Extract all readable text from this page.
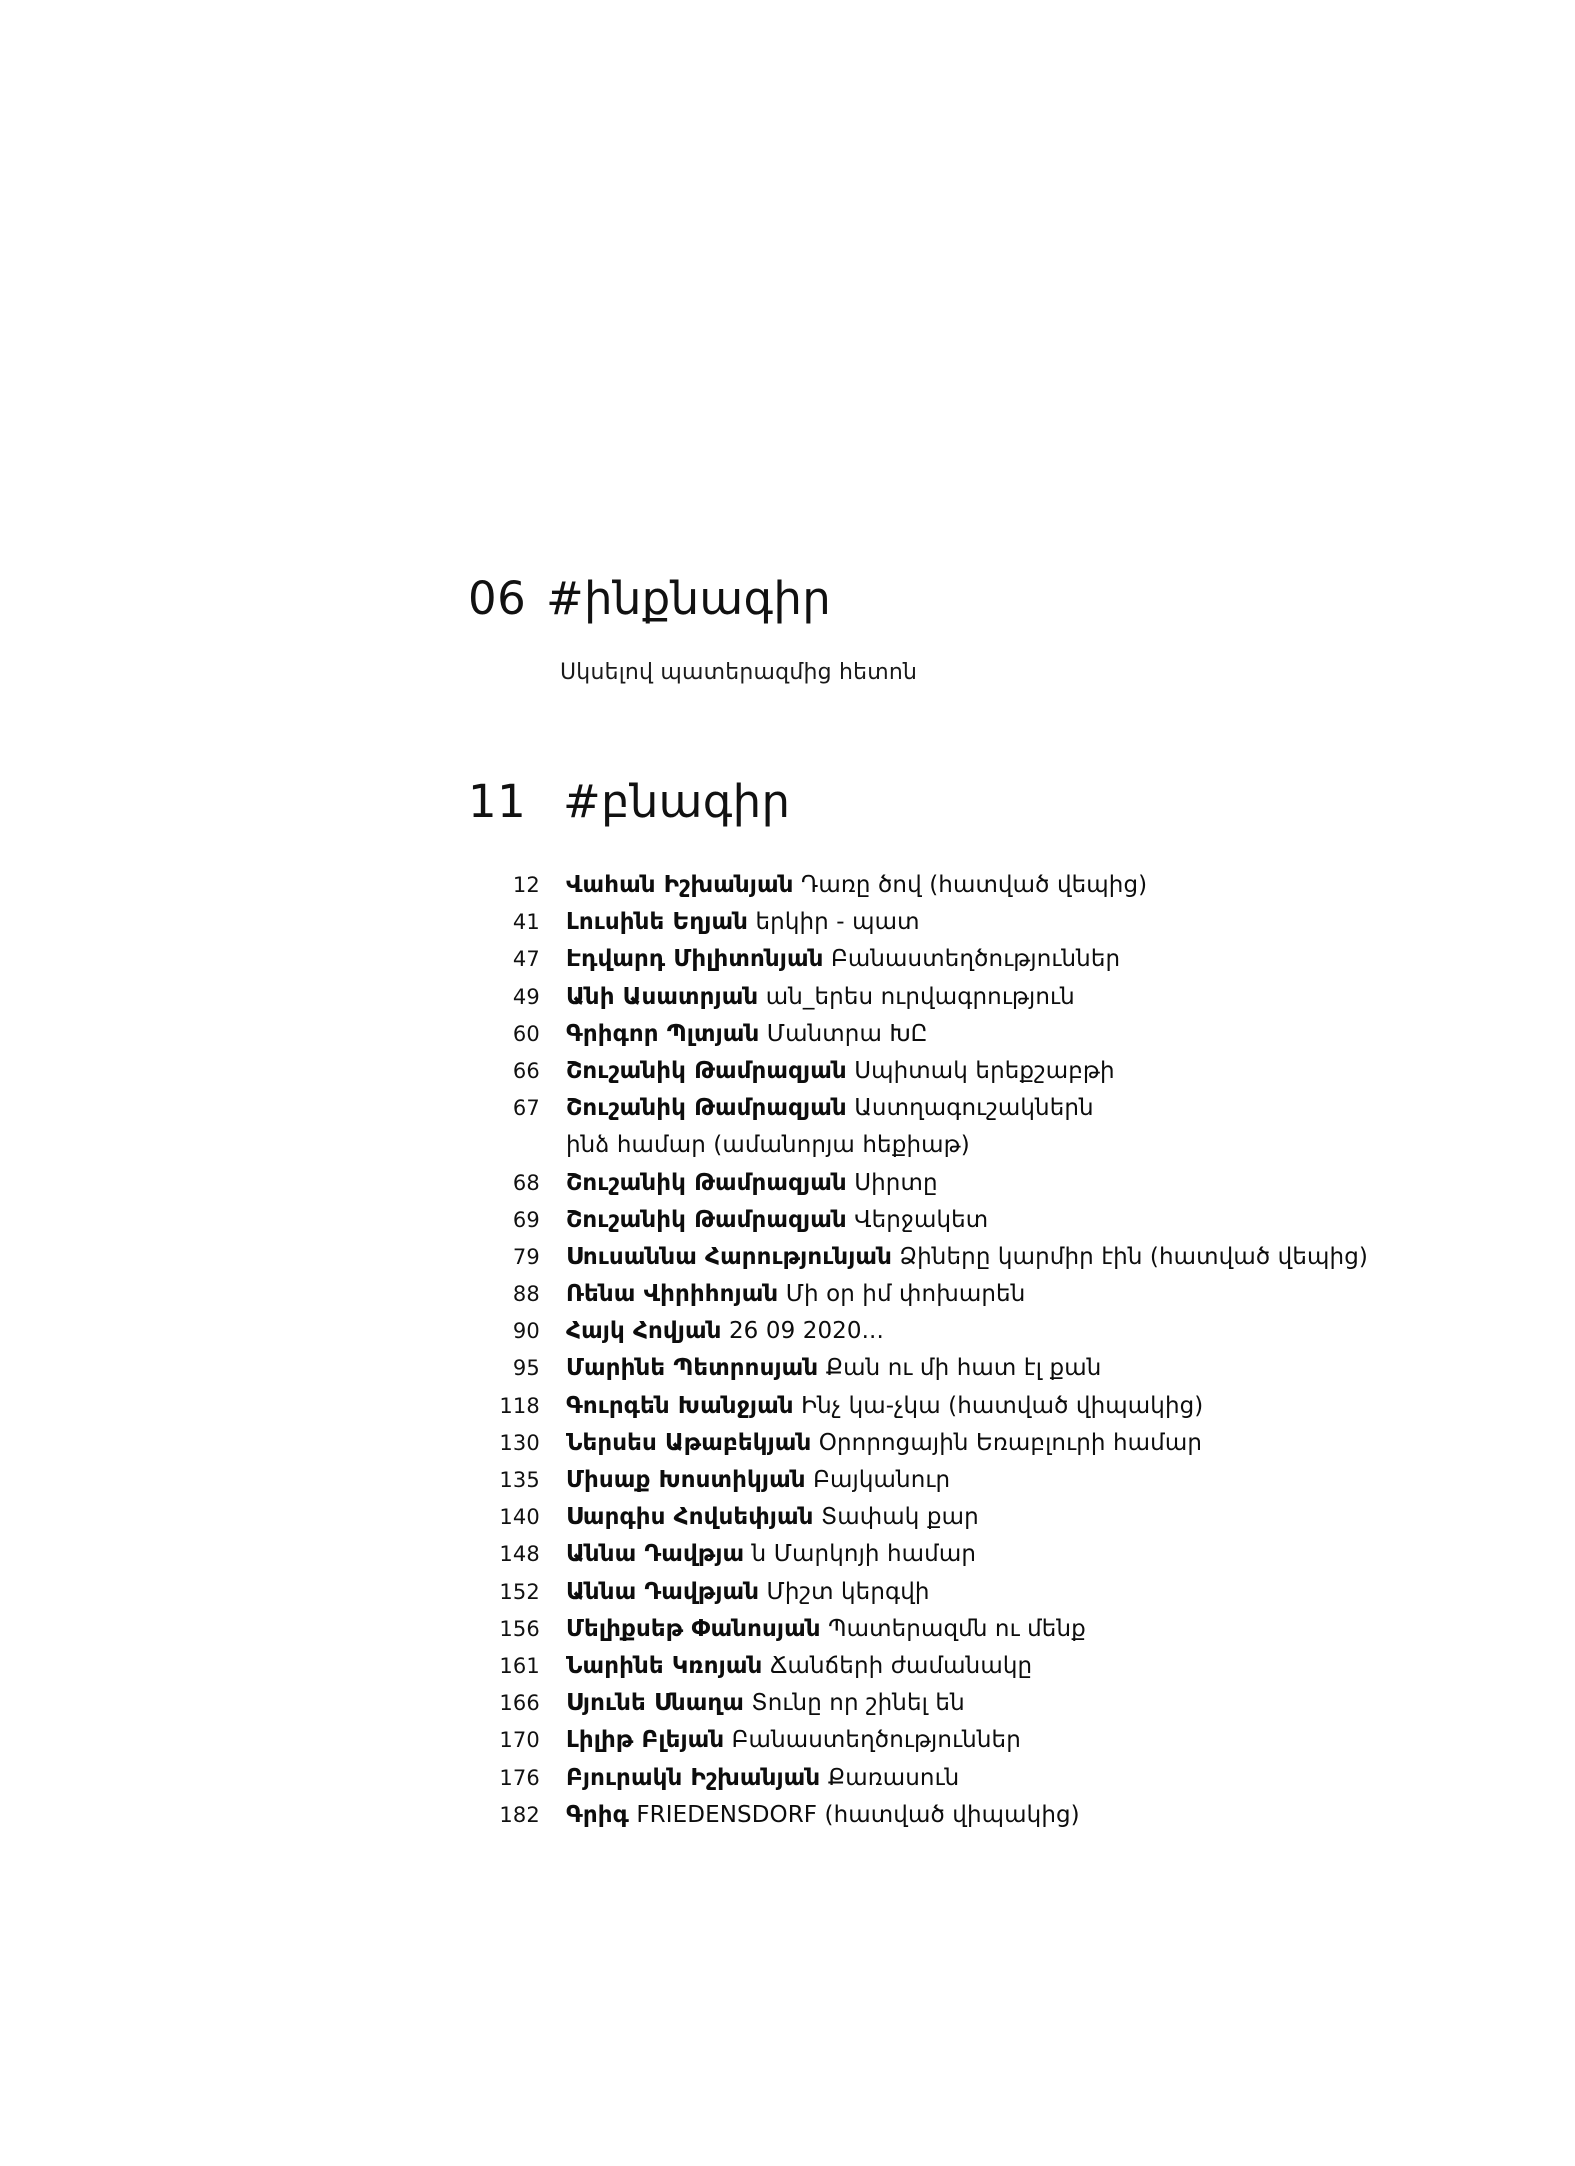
06 #ինքնագիր
Սկսելով պատերազմից հետոն
11 #բնագիր
12	Վահան Իշխանյան Դառը ծով (հատված վեպից)
41	Լուսինե Եղյան երկիր - պատ
47	Էդվարդ Միլիտոնյան Բանաստեղծություններ
49	Անի Ասատրյան ան_երես ուրվագրություն
60	Գրիգոր Պլտյան Մանտրա ԽԸ
66	Շուշանիկ Թամրազյան Սպիտակ երեքշաբթի
67	Շուշանիկ Թամրազյան Աստղագուշակներն
ինձ համար (ամանորյա հեքիաթ)
68	Շուշանիկ Թամրազյան Սիրտը
69	Շուշանիկ Թամրազյան Վերջակետ
79	Սուսաննա Հարությունյան Ձիները կարմիր էին (հատված վեպից)
88	Ռենա Վիրիհոյան Մի օր իմ փոխարեն
90	Հայկ Հովյան 26 09 2020...
95	Մարինե Պետրոսյան Քան ու մի հատ էլ քան
118	Գուրգեն Խանջյան Ինչ կա-չկա (հատված վիպակից)
130	Ներսես Աթաբեկյան Օրորոցային Եռաբլուրի համար
135	Միսաք Խոստիկյան Բայկանուր
140	Սարգիս Հովսեփյան Տափակ քար
148	Աննա Դավթյա ն Մարկոյի համար
152	Աննա Դավթյան Միշտ կերգվի
156	Մելիքսեթ Փանոսյան Պատերազմն ու մենք
161	Նարինե Կռոյան Ճանճերի ժամանակը
166	Սյունե Սնաղա Տունը որ շինել են
170	Լիլիթ Բլեյան Բանաստեղծություններ
176	Բյուրակն Իշխանյան Քառասուն
182	Գրիգ FRIEDENSDORF (հատված վիպակից)
